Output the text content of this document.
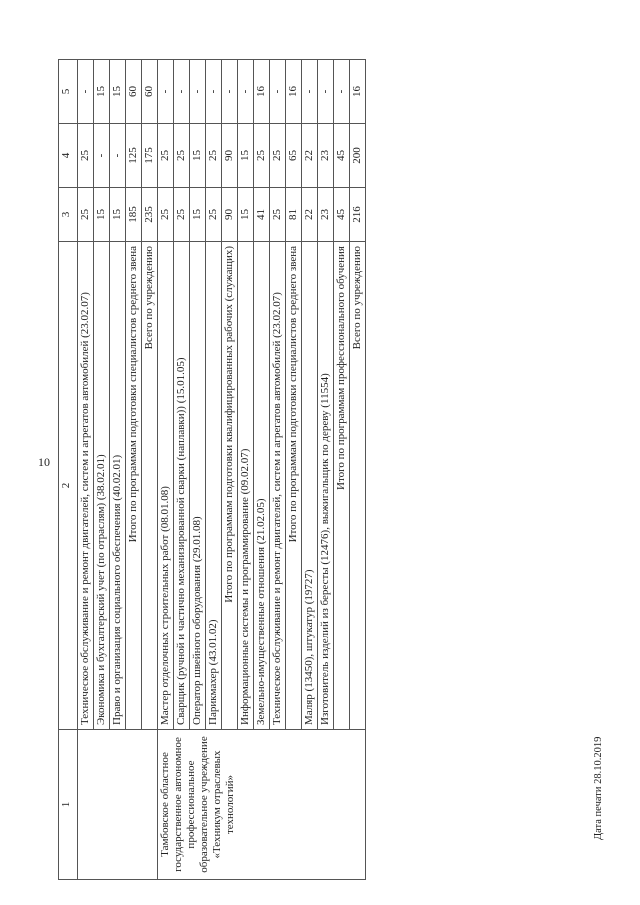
10
1	2	3	4	5
	Техническое обслуживание и ремонт двигателей, систем и агрегатов автомобилей (23.02.07)	25	25	-
	Экономика и бухгалтерский учет (по отраслям) (38.02.01)	15	-	15
	Право и организация социального обеспечения (40.02.01)	15	-	15
	Итого по программам подготовки специалистов среднего звена	185	125	60
	Всего по учреждению	235	175	60
Тамбовское областное государственное автономное профессиональное образовательное учреждение «Техникум отраслевых технологий»	Мастер отделочных строительных работ (08.01.08)	25	25	-
	Сварщик (ручной и частично механизированной сварки (наплавки)) (15.01.05)	25	25	-
	Оператор швейного оборудования (29.01.08)	15	15	-
	Парикмахер (43.01.02)	25	25	-
	Итого по программам подготовки квалифицированных рабочих (служащих)	90	90	-
	Информационные системы и программирование (09.02.07)	15	15	-
	Земельно-имущественные отношения (21.02.05)	41	25	16
	Техническое обслуживание и ремонт двигателей, систем и агрегатов автомобилей (23.02.07)	25	25	-
	Итого по программам подготовки специалистов среднего звена	81	65	16
	Маляр (13450), штукатур (19727)	22	22	-
	Изготовитель изделий из бересты (12476), выжигальщик по дереву (11554)	23	23	-
	Итого по программам профессионального обучения	45	45	-
	Всего по учреждению	216	200	16
Дата печати 28.10.2019
